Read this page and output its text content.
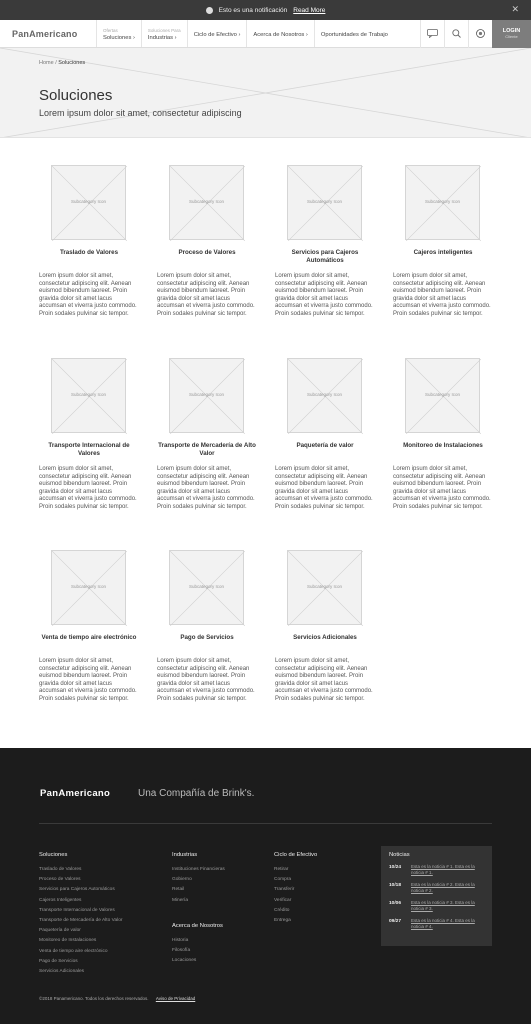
Esto es una notificación Read More	✕
PanAmericano	Ofertas
Soluciones ›
Soluciones Para
Industrias ›	Ciclo de Efectivo › Acerca de Nosotros › Oportunidades de Trabajo
LOGIN
Cliente
Home / Soluciones
Soluciones
Lorem ipsum dolor sit amet, consectetur adipiscing
Subcategory Icon
Traslado de Valores
Lorem ipsum dolor sit amet, consectetur adipiscing elit. Aenean euismod bibendum laoreet. Proin gravida dolor sit amet lacus accumsan et viverra justo commodo. Proin sodales pulvinar sic tempor.
Subcategory Icon
Proceso de Valores
Lorem ipsum dolor sit amet, consectetur adipiscing elit. Aenean euismod bibendum laoreet. Proin gravida dolor sit amet lacus accumsan et viverra justo commodo. Proin sodales pulvinar sic tempor.
Subcategory Icon
Servicios para Cajeros Automáticos
Lorem ipsum dolor sit amet, consectetur adipiscing elit. Aenean euismod bibendum laoreet. Proin gravida dolor sit amet lacus accumsan et viverra justo commodo. Proin sodales pulvinar sic tempor.
Subcategory Icon
Cajeros inteligentes
Lorem ipsum dolor sit amet, consectetur adipiscing elit. Aenean euismod bibendum laoreet. Proin gravida dolor sit amet lacus accumsan et viverra justo commodo. Proin sodales pulvinar sic tempor.
Subcategory Icon
Transporte Internacional de Valores
Lorem ipsum dolor sit amet, consectetur adipiscing elit. Aenean euismod bibendum laoreet. Proin gravida dolor sit amet lacus accumsan et viverra justo commodo. Proin sodales pulvinar sic tempor.
Subcategory Icon
Transporte de Mercadería de Alto Valor
Lorem ipsum dolor sit amet, consectetur adipiscing elit. Aenean euismod bibendum laoreet. Proin gravida dolor sit amet lacus accumsan et viverra justo commodo. Proin sodales pulvinar sic tempor.
Subcategory Icon
Paquetería de valor
Lorem ipsum dolor sit amet, consectetur adipiscing elit. Aenean euismod bibendum laoreet. Proin gravida dolor sit amet lacus accumsan et viverra justo commodo. Proin sodales pulvinar sic tempor.
Subcategory Icon
Monitoreo de Instalaciones
Lorem ipsum dolor sit amet, consectetur adipiscing elit. Aenean euismod bibendum laoreet. Proin gravida dolor sit amet lacus accumsan et viverra justo commodo. Proin sodales pulvinar sic tempor.
Subcategory Icon
Venta de tiempo aire electrónico
Lorem ipsum dolor sit amet, consectetur adipiscing elit. Aenean euismod bibendum laoreet. Proin gravida dolor sit amet lacus accumsan et viverra justo commodo. Proin sodales pulvinar sic tempor.
Subcategory Icon
Pago de Servicios
Lorem ipsum dolor sit amet, consectetur adipiscing elit. Aenean euismod bibendum laoreet. Proin gravida dolor sit amet lacus accumsan et viverra justo commodo. Proin sodales pulvinar sic tempor.
Subcategory Icon
Servicios Adicionales
Lorem ipsum dolor sit amet, consectetur adipiscing elit. Aenean euismod bibendum laoreet. Proin gravida dolor sit amet lacus accumsan et viverra justo commodo. Proin sodales pulvinar sic tempor.
PanAmericano	Una Compañía de Brink's.
Soluciones
Traslado de Valores
Proceso de Valores
Servicios para Cajeros Automáticos
Cajeros Inteligentes
Transporte Internacional de Valores
Transporte de Mercadería de Alto Valor
Paquetería de valor
Monitoreo de Instalaciones
Venta de tiempo aire electrónico
Pago de Servicios
Servicios Adicionales
Industrias
Instituciones Financieras
Gobierno
Retail
Minería
Acerca de Nosotros
Historia
Filosofía
Locaciones
Ciclo de Efectivo
Retirar
Compra
Transferir
Verificar
Crédito
Entrega
Noticias
10/24	Esta es la noticia # 1. Esta es la noticia # 1.
10/18	Esta es la noticia # 2. Esta es la noticia # 2.
10/06	Esta es la noticia # 3. Esta es la noticia # 3.
09/27	Esta es la noticia # 4. Esta es la noticia # 4.
©2018 Panamericano. Todos los derechos reservados. Aviso de Privacidad
